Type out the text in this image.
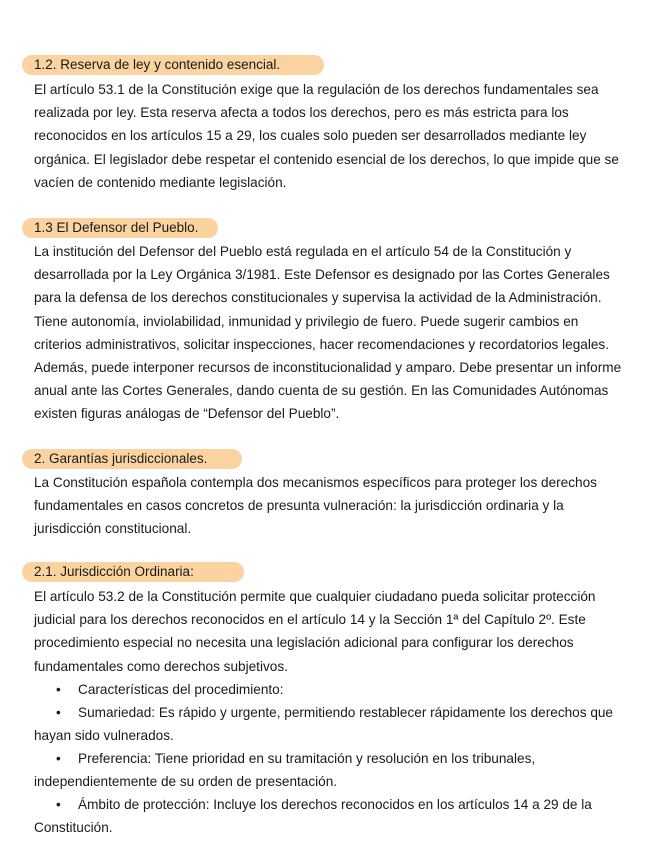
1.2. Reserva de ley y contenido esencial.

El artículo 53.1 de la Constitución exige que la regulación de los derechos fundamentales sea realizada por ley. Esta reserva afecta a todos los derechos, pero es más estricta para los reconocidos en los artículos 15 a 29, los cuales solo pueden ser desarrollados mediante ley orgánica. El legislador debe respetar el contenido esencial de los derechos, lo que impide que se vacíen de contenido mediante legislación.

1.3 El Defensor del Pueblo.

La institución del Defensor del Pueblo está regulada en el artículo 54 de la Constitución y desarrollada por la Ley Orgánica 3/1981. Este Defensor es designado por las Cortes Generales para la defensa de los derechos constitucionales y supervisa la actividad de la Administración. Tiene autonomía, inviolabilidad, inmunidad y privilegio de fuero. Puede sugerir cambios en criterios administrativos, solicitar inspecciones, hacer recomendaciones y recordatorios legales. Además, puede interponer recursos de inconstitucionalidad y amparo. Debe presentar un informe anual ante las Cortes Generales, dando cuenta de su gestión. En las Comunidades Autónomas existen figuras análogas de “Defensor del Pueblo”.

2. Garantías jurisdiccionales.

La Constitución española contempla dos mecanismos específicos para proteger los derechos fundamentales en casos concretos de presunta vulneración: la jurisdicción ordinaria y la jurisdicción constitucional.

2.1. Jurisdicción Ordinaria:

El artículo 53.2 de la Constitución permite que cualquier ciudadano pueda solicitar protección judicial para los derechos reconocidos en el artículo 14 y la Sección 1ª del Capítulo 2º. Este procedimiento especial no necesita una legislación adicional para configurar los derechos fundamentales como derechos subjetivos.

• Características del procedimiento:

• Sumariedad: Es rápido y urgente, permitiendo restablecer rápidamente los derechos que hayan sido vulnerados.

• Preferencia: Tiene prioridad en su tramitación y resolución en los tribunales, independientemente de su orden de presentación.

• Ámbito de protección: Incluye los derechos reconocidos en los artículos 14 a 29 de la Constitución.
